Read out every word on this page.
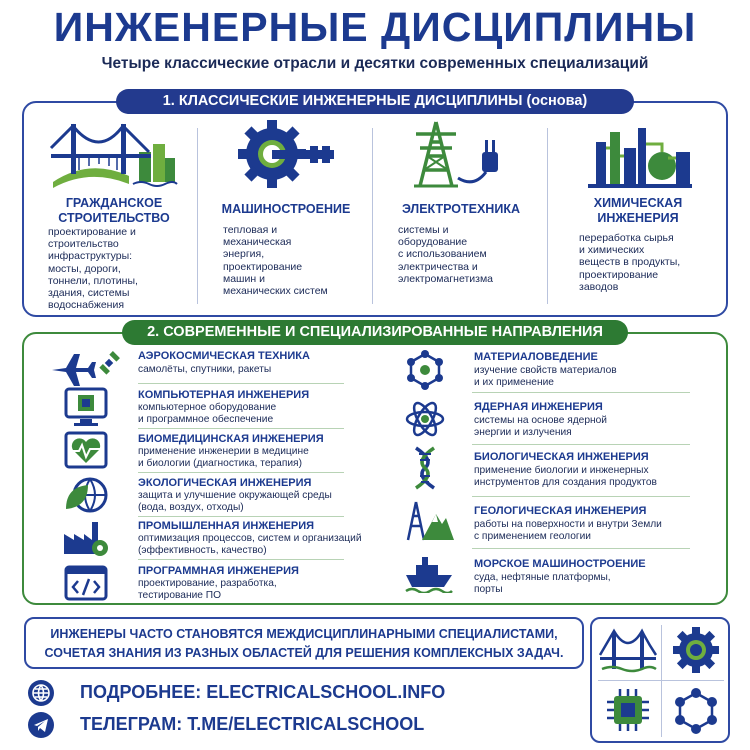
ИНЖЕНЕРНЫЕ ДИСЦИПЛИНЫ
Четыре классические отрасли и десятки современных специализаций
1. КЛАССИЧЕСКИЕ ИНЖЕНЕРНЫЕ ДИСЦИПЛИНЫ (основа)
ГРАЖДАНСКОЕ
СТРОИТЕЛЬСТВО
проектирование и
строительство
инфраструктуры:
мосты, дороги,
тоннели, плотины,
здания, системы
водоснабжения
МАШИНОСТРОЕНИЕ
тепловая и
механическая
энергия,
проектирование
машин и
механических систем
ЭЛЕКТРОТЕХНИКА
системы и
оборудование
с использованием
электричества и
электромагнетизма
ХИМИЧЕСКАЯ
ИНЖЕНЕРИЯ
переработка сырья
и химических
веществ в продукты,
проектирование
заводов
2. СОВРЕМЕННЫЕ И СПЕЦИАЛИЗИРОВАННЫЕ НАПРАВЛЕНИЯ
АЭРОКОСМИЧЕСКАЯ ТЕХНИКА
самолёты, спутники, ракеты
КОМПЬЮТЕРНАЯ ИНЖЕНЕРИЯ
компьютерное оборудование
и программное обеспечение
БИОМЕДИЦИНСКАЯ ИНЖЕНЕРИЯ
применение инженерии в медицине
и биологии (диагностика, терапия)
ЭКОЛОГИЧЕСКАЯ ИНЖЕНЕРИЯ
защита и улучшение окружающей среды
(вода, воздух, отходы)
ПРОМЫШЛЕННАЯ ИНЖЕНЕРИЯ
оптимизация процессов, систем и организаций
(эффективность, качество)
ПРОГРАММНАЯ ИНЖЕНЕРИЯ
проектирование, разработка,
тестирование ПО
МАТЕРИАЛОВЕДЕНИЕ
изучение свойств материалов
и их применение
ЯДЕРНАЯ ИНЖЕНЕРИЯ
системы на основе ядерной
энергии и излучения
БИОЛОГИЧЕСКАЯ ИНЖЕНЕРИЯ
применение биологии и инженерных
инструментов для создания продуктов
ГЕОЛОГИЧЕСКАЯ ИНЖЕНЕРИЯ
работы на поверхности и внутри Земли
с применением геологии
МОРСКОЕ МАШИНОСТРОЕНИЕ
суда, нефтяные платформы,
порты
ИНЖЕНЕРЫ ЧАСТО СТАНОВЯТСЯ МЕЖДИСЦИПЛИНАРНЫМИ СПЕЦИАЛИСТАМИ,
СОЧЕТАЯ ЗНАНИЯ ИЗ РАЗНЫХ ОБЛАСТЕЙ ДЛЯ РЕШЕНИЯ КОМПЛЕКСНЫХ ЗАДАЧ.
ПОДРОБНЕЕ: ELECTRICALSCHOOL.INFO
ТЕЛЕГРАМ: T.ME/ELECTRICALSCHOOL
